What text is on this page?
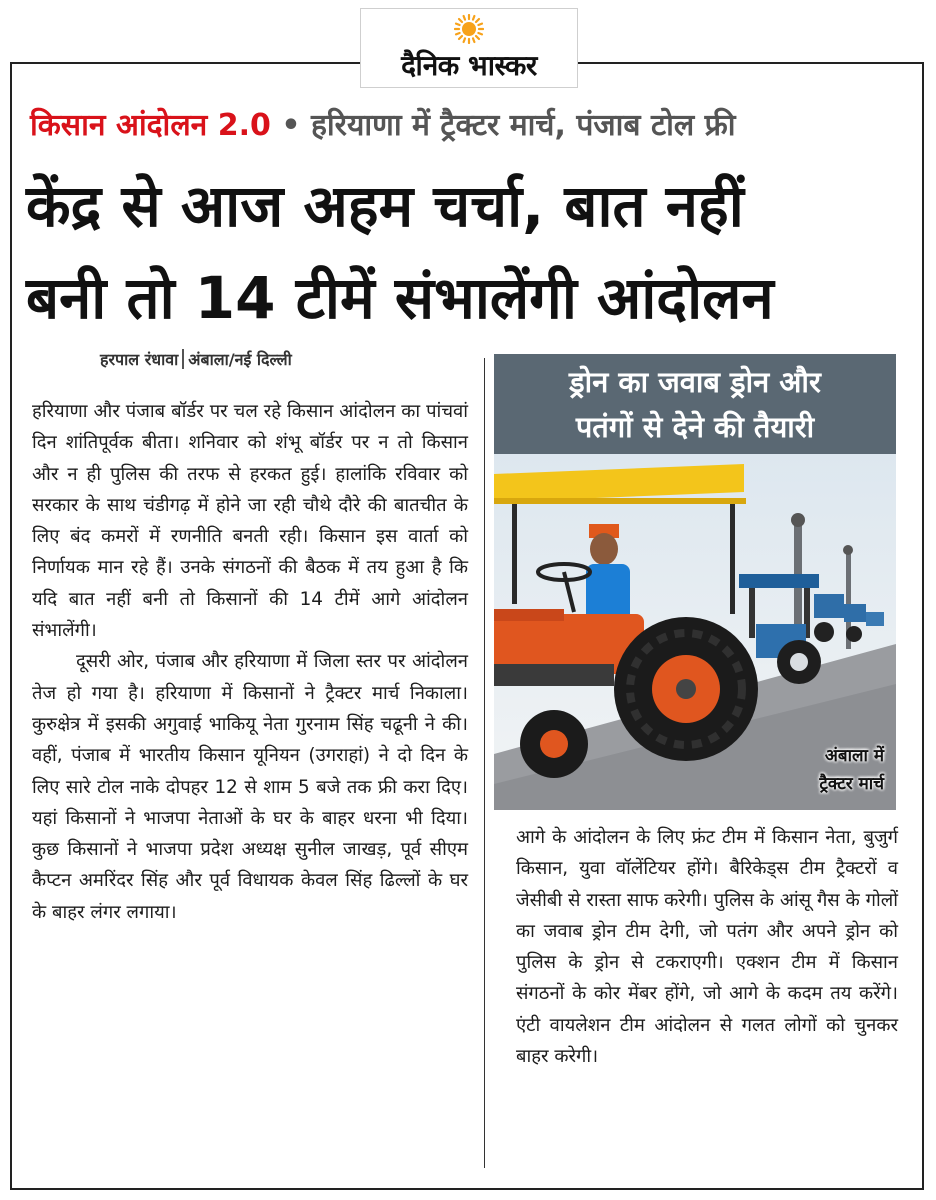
दैनिक भास्कर
किसान आंदोलन 2.0 • हरियाणा में ट्रैक्टर मार्च, पंजाब टोल फ्री
केंद्र से आज अहम चर्चा, बात नहीं
बनी तो 14 टीमें संभालेंगी आंदोलन
हरपाल रंधावा अंबाला/नई दिल्ली

हरियाणा और पंजाब बॉर्डर पर चल रहे किसान आंदोलन का पांचवां दिन शांतिपूर्वक बीता। शनिवार को शंभू बॉर्डर पर न तो किसान और न ही पुलिस की तरफ से हरकत हुई। हालांकि रविवार को सरकार के साथ चंडीगढ़ में होने जा रही चौथे दौरे की बातचीत के लिए बंद कमरों में रणनीति बनती रही। किसान इस वार्ता को निर्णायक मान रहे हैं। उनके संगठनों की बैठक में तय हुआ है कि यदि बात नहीं बनी तो किसानों की 14 टीमें आगे आंदोलन संभालेंगी।

दूसरी ओर, पंजाब और हरियाणा में जिला स्तर पर आंदोलन तेज हो गया है। हरियाणा में किसानों ने ट्रैक्टर मार्च निकाला। कुरुक्षेत्र में इसकी अगुवाई भाकियू नेता गुरनाम सिंह चढूनी ने की। वहीं, पंजाब में भारतीय किसान यूनियन (उगराहां) ने दो दिन के लिए सारे टोल नाके दोपहर 12 से शाम 5 बजे तक फ्री करा दिए। यहां किसानों ने भाजपा नेताओं के घर के बाहर धरना भी दिया। कुछ किसानों ने भाजपा प्रदेश अध्यक्ष सुनील जाखड़, पूर्व सीएम कैप्टन अमरिंदर सिंह और पूर्व विधायक केवल सिंह ढिल्लों के घर के बाहर लंगर लगाया।

ड्रोन का जवाब ड्रोन और
पतंगों से देने की तैयारी
अंबाला में
ट्रैक्टर मार्च

आगे के आंदोलन के लिए फ्रंट टीम में किसान नेता, बुजुर्ग किसान, युवा वॉलेंटियर होंगे। बैरिकेड्स टीम ट्रैक्टरों व जेसीबी से रास्ता साफ करेगी। पुलिस के आंसू गैस के गोलों का जवाब ड्रोन टीम देगी, जो पतंग और अपने ड्रोन को पुलिस के ड्रोन से टकराएगी। एक्शन टीम में किसान संगठनों के कोर मेंबर होंगे, जो आगे के कदम तय करेंगे। एंटी वायलेशन टीम आंदोलन से गलत लोगों को चुनकर बाहर करेगी।
